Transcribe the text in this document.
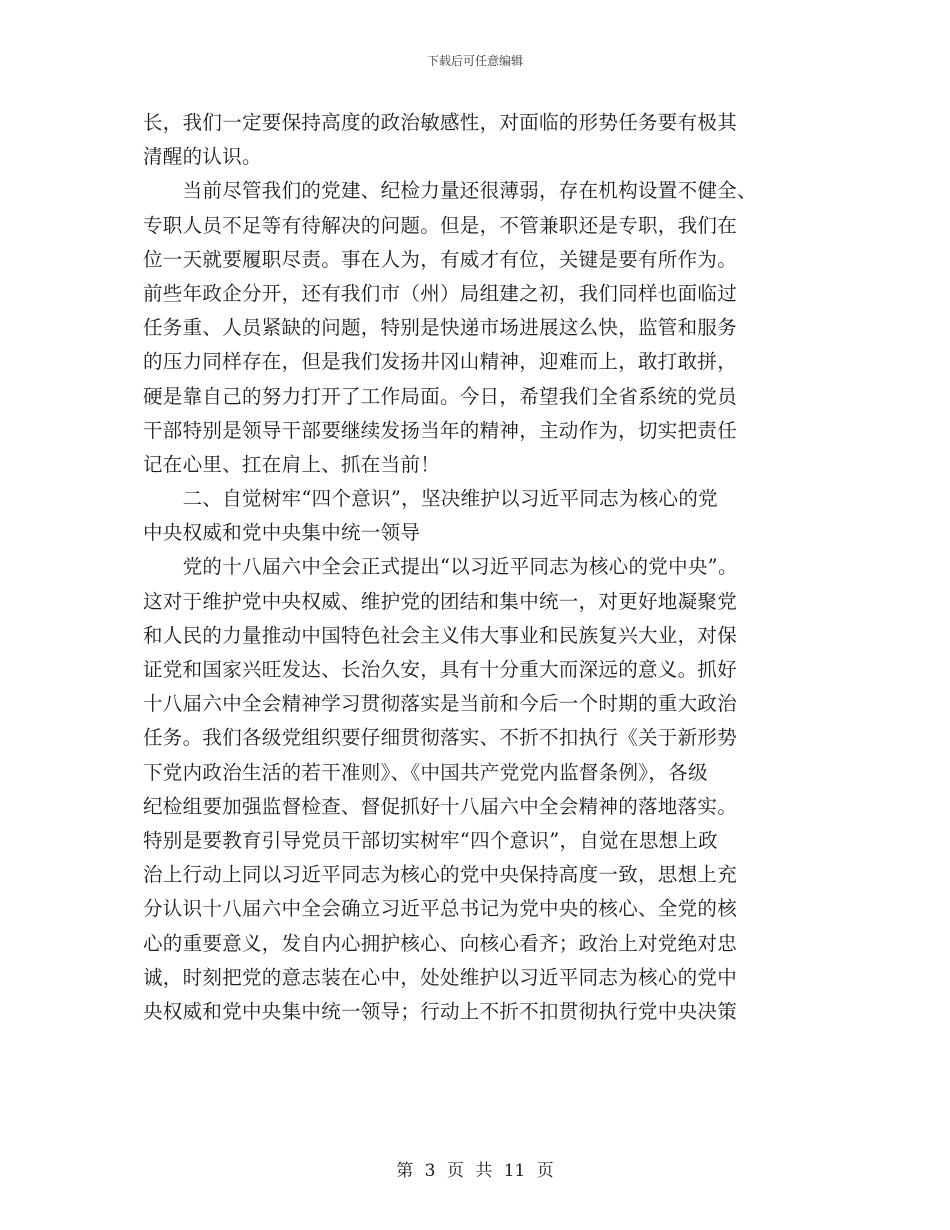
下载后可任意编辑
长，我们一定要保持高度的政治敏感性，对面临的形势任务要有极其
清醒的认识。
　　当前尽管我们的党建、纪检力量还很薄弱，存在机构设置不健全、
专职人员不足等有待解决的问题。但是，不管兼职还是专职，我们在
位一天就要履职尽责。事在人为，有威才有位，关键是要有所作为。
前些年政企分开，还有我们市（州）局组建之初，我们同样也面临过
任务重、人员紧缺的问题，特别是快递市场进展这么快，监管和服务
的压力同样存在，但是我们发扬井冈山精神，迎难而上，敢打敢拼，
硬是靠自己的努力打开了工作局面。今日，希望我们全省系统的党员
干部特别是领导干部要继续发扬当年的精神，主动作为，切实把责任
记在心里、扛在肩上、抓在当前！
　　二、自觉树牢“四个意识”，坚决维护以习近平同志为核心的党
中央权威和党中央集中统一领导
　　党的十八届六中全会正式提出“以习近平同志为核心的党中央”。
这对于维护党中央权威、维护党的团结和集中统一，对更好地凝聚党
和人民的力量推动中国特色社会主义伟大事业和民族复兴大业，对保
证党和国家兴旺发达、长治久安，具有十分重大而深远的意义。抓好
十八届六中全会精神学习贯彻落实是当前和今后一个时期的重大政治
任务。我们各级党组织要仔细贯彻落实、不折不扣执行《关于新形势
下党内政治生活的若干准则》、《中国共产党党内监督条例》，各级
纪检组要加强监督检查、督促抓好十八届六中全会精神的落地落实。
特别是要教育引导党员干部切实树牢“四个意识”，自觉在思想上政
治上行动上同以习近平同志为核心的党中央保持高度一致，思想上充
分认识十八届六中全会确立习近平总书记为党中央的核心、全党的核
心的重要意义，发自内心拥护核心、向核心看齐；政治上对党绝对忠
诚，时刻把党的意志装在心中，处处维护以习近平同志为核心的党中
央权威和党中央集中统一领导；行动上不折不扣贯彻执行党中央决策
第 3 页 共 11 页
